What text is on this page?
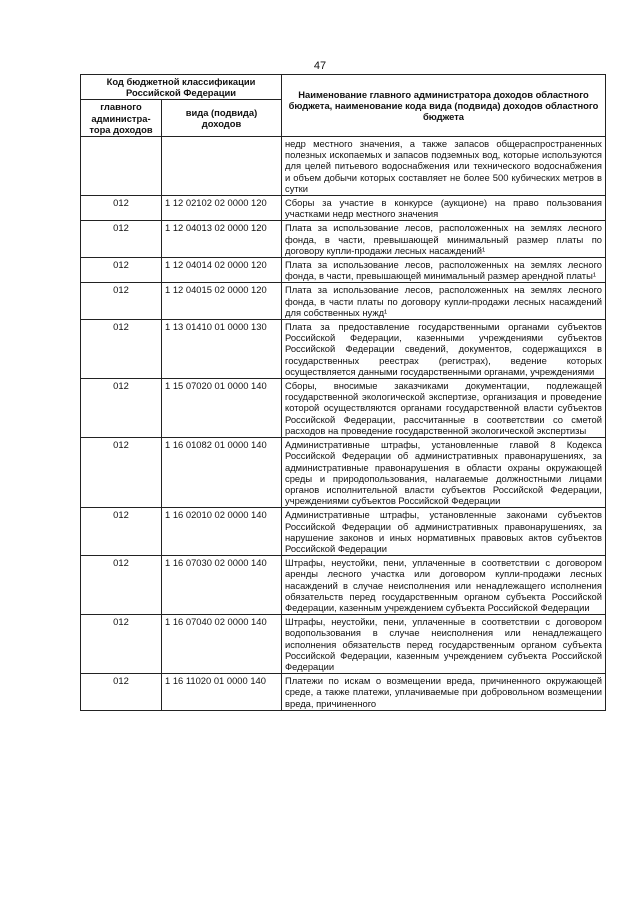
47
Код бюджетной классификации Российской Федерации		Наименование главного администратора доходов областного бюджета, наименование кода вида (подвида) доходов областного бюджета
главного администра-тора доходов	вида (подвида) доходов	
		недр местного значения, а также запасов общераспространенных полезных ископаемых и запасов подземных вод, которые используются для целей питьевого водоснабжения или технического водоснабжения и объем добычи которых составляет не более 500 кубических метров в сутки
012	1 12 02102 02 0000 120	Сборы за участие в конкурсе (аукционе) на право пользования участками недр местного значения
012	1 12 04013 02 0000 120	Плата за использование лесов, расположенных на землях лесного фонда, в части, превышающей минимальный размер платы по договору купли-продажи лесных насаждений¹
012	1 12 04014 02 0000 120	Плата за использование лесов, расположенных на землях лесного фонда, в части, превышающей минимальный размер арендной платы¹
012	1 12 04015 02 0000 120	Плата за использование лесов, расположенных на землях лесного фонда, в части платы по договору купли-продажи лесных насаждений для собственных нужд¹
012	1 13 01410 01 0000 130	Плата за предоставление государственными органами субъектов Российской Федерации, казенными учреждениями субъектов Российской Федерации сведений, документов, содержащихся в государственных реестрах (регистрах), ведение которых осуществляется данными государственными органами, учреждениями
012	1 15 07020 01 0000 140	Сборы, вносимые заказчиками документации, подлежащей государственной экологической экспертизе, организация и проведение которой осуществляются органами государственной власти субъектов Российской Федерации, рассчитанные в соответствии со сметой расходов на проведение государственной экологической экспертизы
012	1 16 01082 01 0000 140	Административные штрафы, установленные главой 8 Кодекса Российской Федерации об административных правонарушениях, за административные правонарушения в области охраны окружающей среды и природопользования, налагаемые должностными лицами органов исполнительной власти субъектов Российской Федерации, учреждениями субъектов Российской Федерации
012	1 16 02010 02 0000 140	Административные штрафы, установленные законами субъектов Российской Федерации об административных правонарушениях, за нарушение законов и иных нормативных правовых актов субъектов Российской Федерации
012	1 16 07030 02 0000 140	Штрафы, неустойки, пени, уплаченные в соответствии с договором аренды лесного участка или договором купли-продажи лесных насаждений в случае неисполнения или ненадлежащего исполнения обязательств перед государственным органом субъекта Российской Федерации, казенным учреждением субъекта Российской Федерации
012	1 16 07040 02 0000 140	Штрафы, неустойки, пени, уплаченные в соответствии с договором водопользования в случае неисполнения или ненадлежащего исполнения обязательств перед государственным органом субъекта Российской Федерации, казенным учреждением субъекта Российской Федерации
012	1 16 11020 01 0000 140	Платежи по искам о возмещении вреда, причиненного окружающей среде, а также платежи, уплачиваемые при добровольном возмещении вреда, причиненного
